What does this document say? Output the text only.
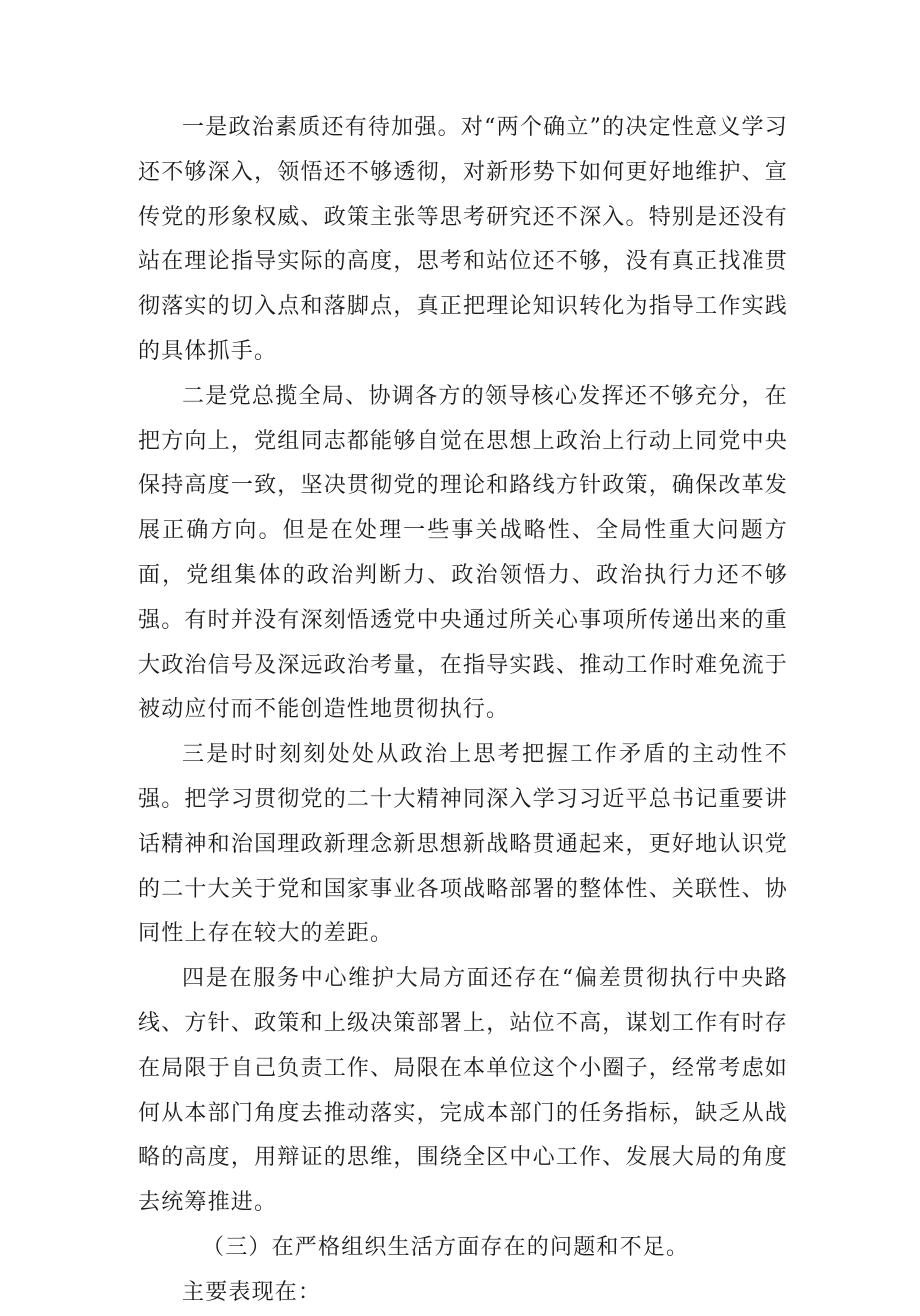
一是政治素质还有待加强。对“两个确立”的决定性意义学习还不够深入，领悟还不够透彻，对新形势下如何更好地维护、宣传党的形象权威、政策主张等思考研究还不深入。特别是还没有站在理论指导实际的高度，思考和站位还不够，没有真正找准贯彻落实的切入点和落脚点，真正把理论知识转化为指导工作实践的具体抓手。

二是党总揽全局、协调各方的领导核心发挥还不够充分，在把方向上，党组同志都能够自觉在思想上政治上行动上同党中央保持高度一致，坚决贯彻党的理论和路线方针政策，确保改革发展正确方向。但是在处理一些事关战略性、全局性重大问题方面，党组集体的政治判断力、政治领悟力、政治执行力还不够强。有时并没有深刻悟透党中央通过所关心事项所传递出来的重大政治信号及深远政治考量，在指导实践、推动工作时难免流于被动应付而不能创造性地贯彻执行。

三是时时刻刻处处从政治上思考把握工作矛盾的主动性不强。把学习贯彻党的二十大精神同深入学习习近平总书记重要讲话精神和治国理政新理念新思想新战略贯通起来，更好地认识党的二十大关于党和国家事业各项战略部署的整体性、关联性、协同性上存在较大的差距。

四是在服务中心维护大局方面还存在“偏差贯彻执行中央路线、方针、政策和上级决策部署上，站位不高，谋划工作有时存在局限于自己负责工作、局限在本单位这个小圈子，经常考虑如何从本部门角度去推动落实，完成本部门的任务指标，缺乏从战略的高度，用辩证的思维，围绕全区中心工作、发展大局的角度去统筹推进。

（三）在严格组织生活方面存在的问题和不足。

主要表现在：
